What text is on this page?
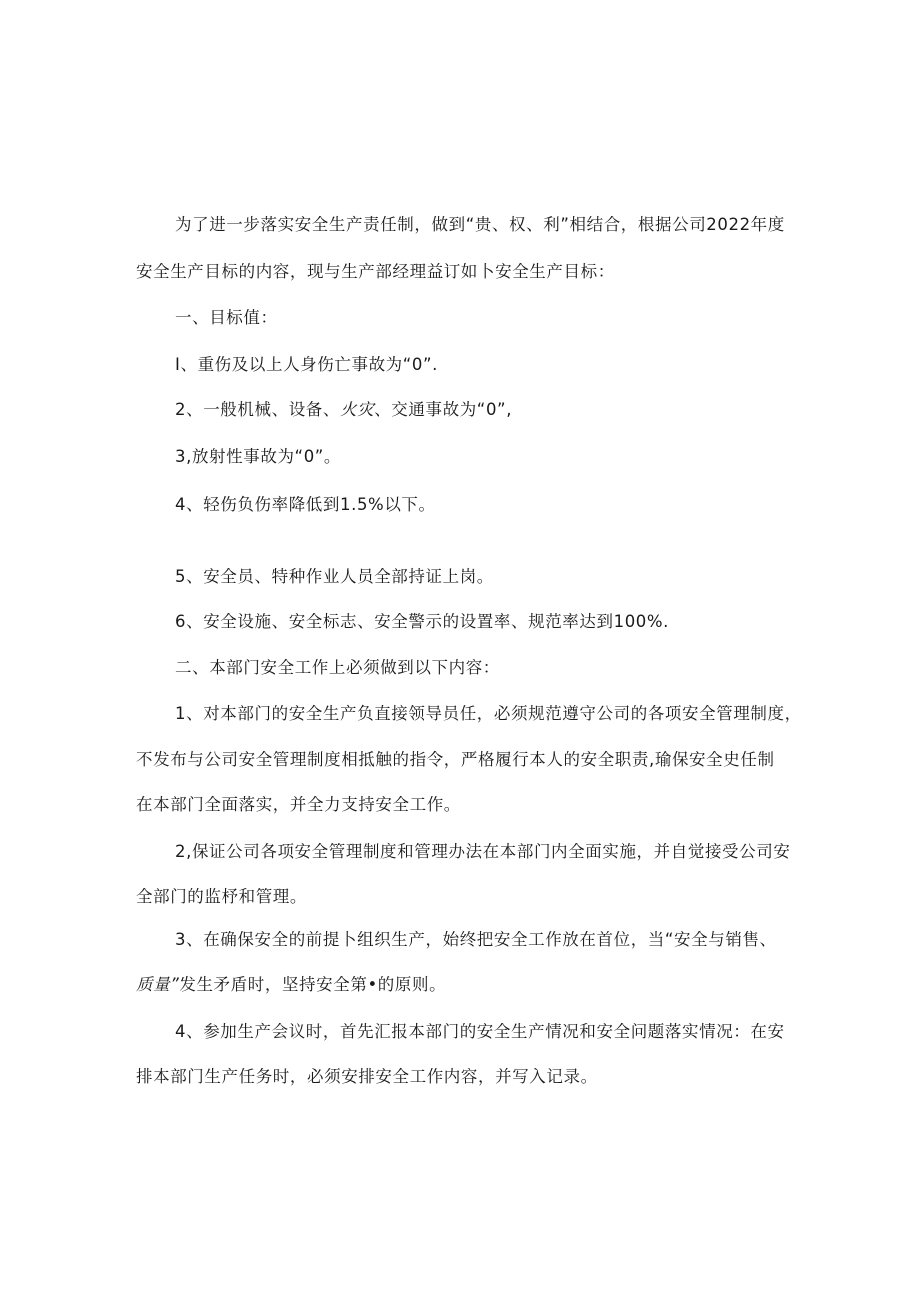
为了进一步落实安全生产责任制，做到“贵、权、利”相结合，根据公司2022年度
安全生产目标的内容，现与生产部经理益订如卜安全生产目标：
一、目标值：
I、重伤及以上人身伤亡事故为“0”.
2、一般机械、设备、火灾、交通事故为“0”,
3,放射性事故为“0”。
4、轻伤负伤率降低到1.5%以下。
5、安全员、特种作业人员全部持证上岗。
6、安全设施、安全标志、安全警示的设置率、规范率达到100%.
二、本部门安全工作上必须做到以下内容：
1、对本部门的安全生产负直接领导员任，必须规范遵守公司的各项安全管理制度，
不发布与公司安全管理制度相抵触的指令，严格履行本人的安全职责,瑜保安全史任制
在本部门全面落实，并全力支持安全工作。
2,保证公司各项安全管理制度和管理办法在本部门内全面实施，并自觉接受公司安
全部门的监杼和管理。
3、在确保安全的前提卜组织生产，始终把安全工作放在首位，当“安全与销售、
质量”发生矛盾时，坚持安全第•的原则。
4、参加生产会议时，首先汇报本部门的安全生产情况和安全问题落实情况：在安
排本部门生产任务时，必须安排安全工作内容，并写入记录。
